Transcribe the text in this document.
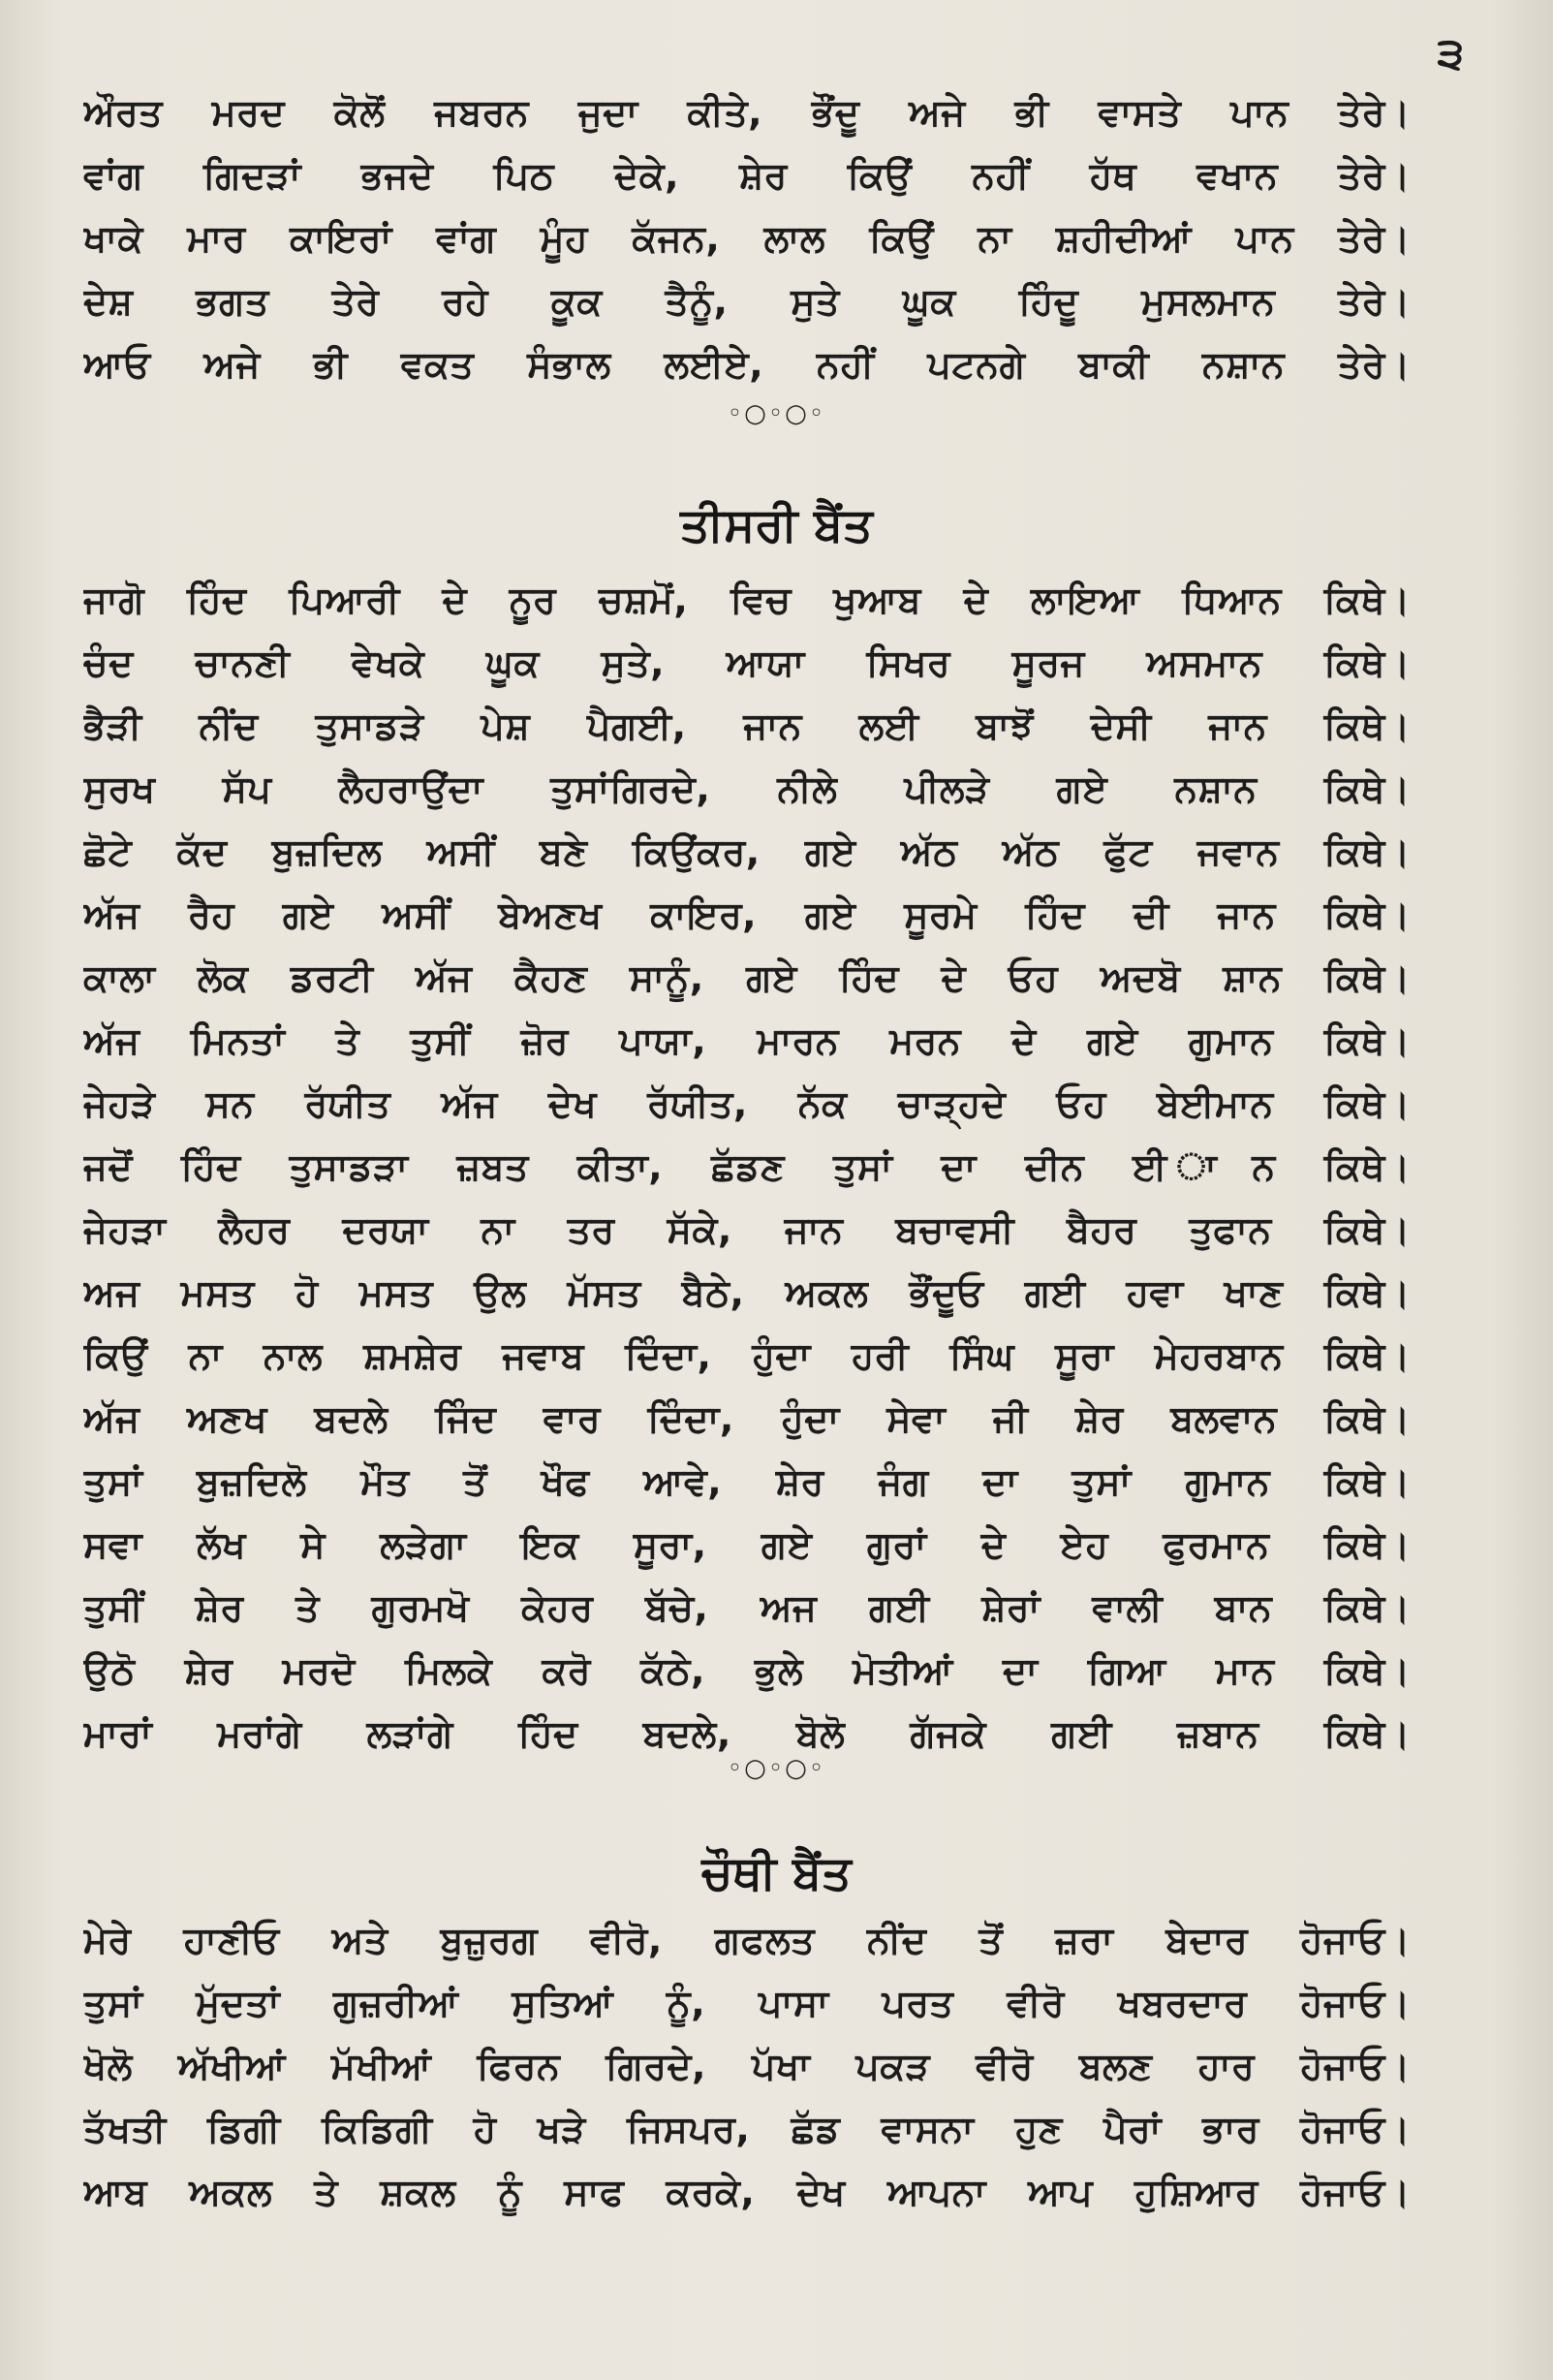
੩
ਔਰਤ ਮਰਦ ਕੋਲੋਂ ਜਬਰਨ ਜੁਦਾ ਕੀਤੇ, ਭੌਂਦੂ ਅਜੇ ਭੀ ਵਾਸਤੇ ਪਾਨ ਤੇਰੇ।
ਵਾਂਗ ਗਿਦੜਾਂ ਭਜਦੇ ਪਿਠ ਦੇਕੇ, ਸ਼ੇਰ ਕਿਉਂ ਨਹੀਂ ਹੱਥ ਵਖਾਨ ਤੇਰੇ।
ਖਾਕੇ ਮਾਰ ਕਾਇਰਾਂ ਵਾਂਗ ਮੂੰਹ ਕੱਜਨ, ਲਾਲ ਕਿਉਂ ਨਾ ਸ਼ਹੀਦੀਆਂ ਪਾਨ ਤੇਰੇ।
ਦੇਸ਼ ਭਗਤ ਤੇਰੇ ਰਹੇ ਕੂਕ ਤੈਨੂੰ, ਸੁਤੇ ਘੂਕ ਹਿੰਦੂ ਮੁਸਲਮਾਨ ਤੇਰੇ।
ਆਓ ਅਜੇ ਭੀ ਵਕਤ ਸੰਭਾਲ ਲਈਏ, ਨਹੀਂ ਪਟਨਗੇ ਬਾਕੀ ਨਸ਼ਾਨ ਤੇਰੇ।
◦○◦○◦
ਤੀਸਰੀ ਬੈਂਤ
ਜਾਗੋ ਹਿੰਦ ਪਿਆਰੀ ਦੇ ਨੂਰ ਚਸ਼ਮੋਂ, ਵਿਚ ਖੁਆਬ ਦੇ ਲਾਇਆ ਧਿਆਨ ਕਿਥੇ।
ਚੰਦ ਚਾਨਣੀ ਵੇਖਕੇ ਘੂਕ ਸੁਤੇ, ਆਯਾ ਸਿਖਰ ਸੂਰਜ ਅਸਮਾਨ ਕਿਥੇ।
ਭੈੜੀ ਨੀਂਦ ਤੁਸਾਡੜੇ ਪੇਸ਼ ਪੈਗਈ, ਜਾਨ ਲਈ ਬਾਝੋਂ ਦੇਸੀ ਜਾਨ ਕਿਥੇ।
ਸੁਰਖ ਸੱਪ ਲੈਹਰਾਉਂਦਾ ਤੁਸਾਂਗਿਰਦੇ, ਨੀਲੇ ਪੀਲੜੇ ਗਏ ਨਸ਼ਾਨ ਕਿਥੇ।
ਛੋਟੇ ਕੱਦ ਬੁਜ਼ਦਿਲ ਅਸੀਂ ਬਣੇ ਕਿਉਂਕਰ, ਗਏ ਅੱਠ ਅੱਠ ਫੁੱਟ ਜਵਾਨ ਕਿਥੇ।
ਅੱਜ ਰੈਹ ਗਏ ਅਸੀਂ ਬੇਅਣਖ ਕਾਇਰ, ਗਏ ਸੂਰਮੇ ਹਿੰਦ ਦੀ ਜਾਨ ਕਿਥੇ।
ਕਾਲਾ ਲੋਕ ਡਰਟੀ ਅੱਜ ਕੈਹਣ ਸਾਨੂੰ, ਗਏ ਹਿੰਦ ਦੇ ਓਹ ਅਦਬੋ ਸ਼ਾਨ ਕਿਥੇ।
ਅੱਜ ਮਿਨਤਾਂ ਤੇ ਤੁਸੀਂ ਜ਼ੋਰ ਪਾਯਾ, ਮਾਰਨ ਮਰਨ ਦੇ ਗਏ ਗੁਮਾਨ ਕਿਥੇ।
ਜੇਹੜੇ ਸਨ ਰੱਯੀਤ ਅੱਜ ਦੇਖ ਰੱਯੀਤ, ਨੱਕ ਚਾੜ੍ਹਦੇ ਓਹ ਬੇਈਮਾਨ ਕਿਥੇ।
ਜਦੋਂ ਹਿੰਦ ਤੁਸਾਡੜਾ ਜ਼ਬਤ ਕੀਤਾ, ਛੱਡਣ ਤੁਸਾਂ ਦਾ ਦੀਨ ਈ ਾਨ ਕਿਥੇ।
ਜੇਹੜਾ ਲੈਹਰ ਦਰਯਾ ਨਾ ਤਰ ਸੱਕੇ, ਜਾਨ ਬਚਾਵਸੀ ਬੈਹਰ ਤੁਫਾਨ ਕਿਥੇ।
ਅਜ ਮਸਤ ਹੋ ਮਸਤ ਉਲ ਮੱਸਤ ਬੈਠੇ, ਅਕਲ ਭੌਂਦੂਓ ਗਈ ਹਵਾ ਖਾਣ ਕਿਥੇ।
ਕਿਉਂ ਨਾ ਨਾਲ ਸ਼ਮਸ਼ੇਰ ਜਵਾਬ ਦਿੰਦਾ, ਹੁੰਦਾ ਹਰੀ ਸਿੰਘ ਸੂਰਾ ਮੇਹਰਬਾਨ ਕਿਥੇ।
ਅੱਜ ਅਣਖ ਬਦਲੇ ਜਿੰਦ ਵਾਰ ਦਿੰਦਾ, ਹੁੰਦਾ ਸੇਵਾ ਜੀ ਸ਼ੇਰ ਬਲਵਾਨ ਕਿਥੇ।
ਤੁਸਾਂ ਬੁਜ਼ਦਿਲੋ ਮੌਤ ਤੋਂ ਖੌਫ ਆਵੇ, ਸ਼ੇਰ ਜੰਗ ਦਾ ਤੁਸਾਂ ਗੁਮਾਨ ਕਿਥੇ।
ਸਵਾ ਲੱਖ ਸੇ ਲੜੇਗਾ ਇਕ ਸੂਰਾ, ਗਏ ਗੁਰਾਂ ਦੇ ਏਹ ਫੁਰਮਾਨ ਕਿਥੇ।
ਤੁਸੀਂ ਸ਼ੇਰ ਤੇ ਗੁਰਮਖੋ ਕੇਹਰ ਬੱਚੇ, ਅਜ ਗਈ ਸ਼ੇਰਾਂ ਵਾਲੀ ਬਾਨ ਕਿਥੇ।
ਉਠੋ ਸ਼ੇਰ ਮਰਦੋ ਮਿਲਕੇ ਕਰੋ ਕੱਠੇ, ਭੁਲੇ ਮੋਤੀਆਂ ਦਾ ਗਿਆ ਮਾਨ ਕਿਥੇ।
ਮਾਰਾਂ ਮਰਾਂਗੇ ਲੜਾਂਗੇ ਹਿੰਦ ਬਦਲੇ, ਬੋਲੋ ਗੱਜਕੇ ਗਈ ਜ਼ਬਾਨ ਕਿਥੇ।
◦○◦○◦
ਚੌਥੀ ਬੈਂਤ
ਮੇਰੇ ਹਾਣੀਓ ਅਤੇ ਬੁਜ਼ੁਰਗ ਵੀਰੋ, ਗਫਲਤ ਨੀਂਦ ਤੋਂ ਜ਼ਰਾ ਬੇਦਾਰ ਹੋਜਾਓ।
ਤੁਸਾਂ ਮੁੱਦਤਾਂ ਗੁਜ਼ਰੀਆਂ ਸੁਤਿਆਂ ਨੂੰ, ਪਾਸਾ ਪਰਤ ਵੀਰੋ ਖਬਰਦਾਰ ਹੋਜਾਓ।
ਖੋਲੋ ਅੱਖੀਆਂ ਮੱਖੀਆਂ ਫਿਰਨ ਗਿਰਦੇ, ਪੱਖਾ ਪਕੜ ਵੀਰੋ ਬਲਣ ਹਾਰ ਹੋਜਾਓ।
ਤੱਖਤੀ ਡਿਗੀ ਕਿਡਿਗੀ ਹੋ ਖੜੇ ਜਿਸਪਰ, ਛੱਡ ਵਾਸਨਾ ਹੁਣ ਪੈਰਾਂ ਭਾਰ ਹੋਜਾਓ।
ਆਬ ਅਕਲ ਤੇ ਸ਼ਕਲ ਨੂੰ ਸਾਫ ਕਰਕੇ, ਦੇਖ ਆਪਨਾ ਆਪ ਹੁਸ਼ਿਆਰ ਹੋਜਾਓ।
